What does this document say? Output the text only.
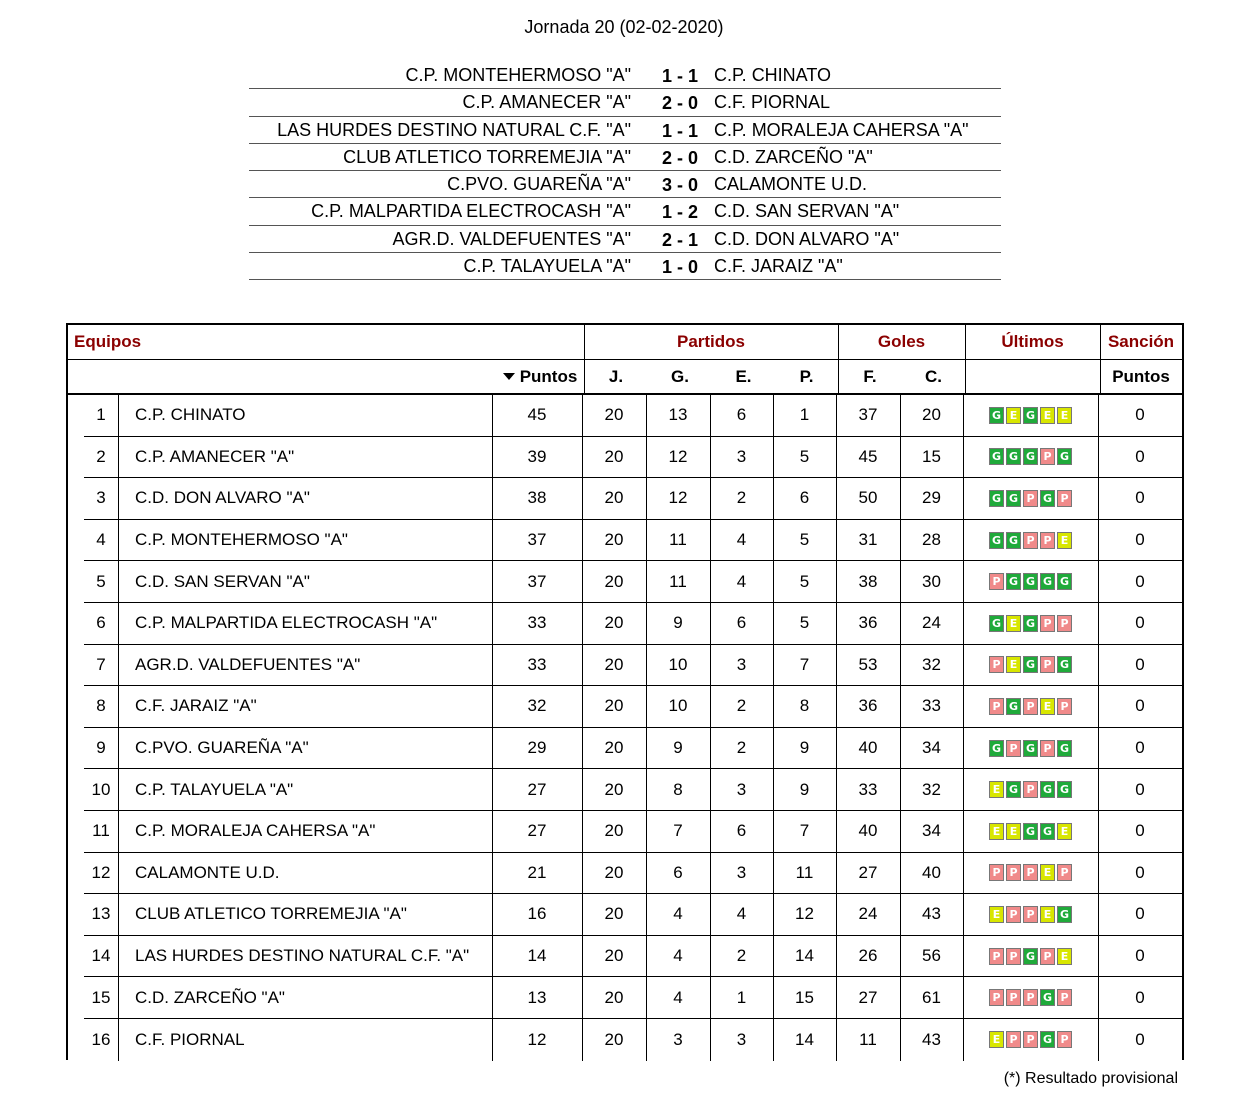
Jornada 20 (02-02-2020)
C.P. MONTEHERMOSO "A"	1 - 1 C.P. CHINATO
C.P. AMANECER "A"	2 - 0 C.F. PIORNAL
LAS HURDES DESTINO NATURAL C.F. "A"	1 - 1 C.P. MORALEJA CAHERSA "A"
CLUB ATLETICO TORREMEJIA "A"	2 - 0 C.D. ZARCEÑO "A"
C.PVO. GUAREÑA "A"	3 - 0 CALAMONTE U.D.
C.P. MALPARTIDA ELECTROCASH "A"	1 - 2 C.D. SAN SERVAN "A"
AGR.D. VALDEFUENTES "A"	2 - 1 C.D. DON ALVARO "A"
C.P. TALAYUELA "A"	1 - 0 C.F. JARAIZ "A"
Equipos	Partidos	Goles	Últimos	Sanción
Puntos	J.	G.	E.	P.	F.	C.	Puntos
1	C.P. CHINATO	45	20	13	6	1	37	20	G E G E E	0
2	C.P. AMANECER "A"	39	20	12	3	5	45	15	G G G P G	0
3	C.D. DON ALVARO "A"	38	20	12	2	6	50	29	G G P G P	0
4	C.P. MONTEHERMOSO "A"	37	20	11	4	5	31	28	G G P P E	0
5	C.D. SAN SERVAN "A"	37	20	11	4	5	38	30	P G G G G	0
6	C.P. MALPARTIDA ELECTROCASH "A"	33	20	9	6	5	36	24	G E G P P	0
7	AGR.D. VALDEFUENTES "A"	33	20	10	3	7	53	32	P E G P G	0
8	C.F. JARAIZ "A"	32	20	10	2	8	36	33	P G P E P	0
9	C.PVO. GUAREÑA "A"	29	20	9	2	9	40	34	G P G P G	0
10	C.P. TALAYUELA "A"	27	20	8	3	9	33	32	E G P G G	0
11	C.P. MORALEJA CAHERSA "A"	27	20	7	6	7	40	34	E E G G E	0
12	CALAMONTE U.D.	21	20	6	3	11	27	40	P P P E P	0
13	CLUB ATLETICO TORREMEJIA "A"	16	20	4	4	12	24	43	E P P E G	0
14	LAS HURDES DESTINO NATURAL C.F. "A"	14	20	4	2	14	26	56	P P G P E	0
15	C.D. ZARCEÑO "A"	13	20	4	1	15	27	61	P P P G P	0
16	C.F. PIORNAL	12	20	3	3	14	11	43	E P P G P	0
(*) Resultado provisional
